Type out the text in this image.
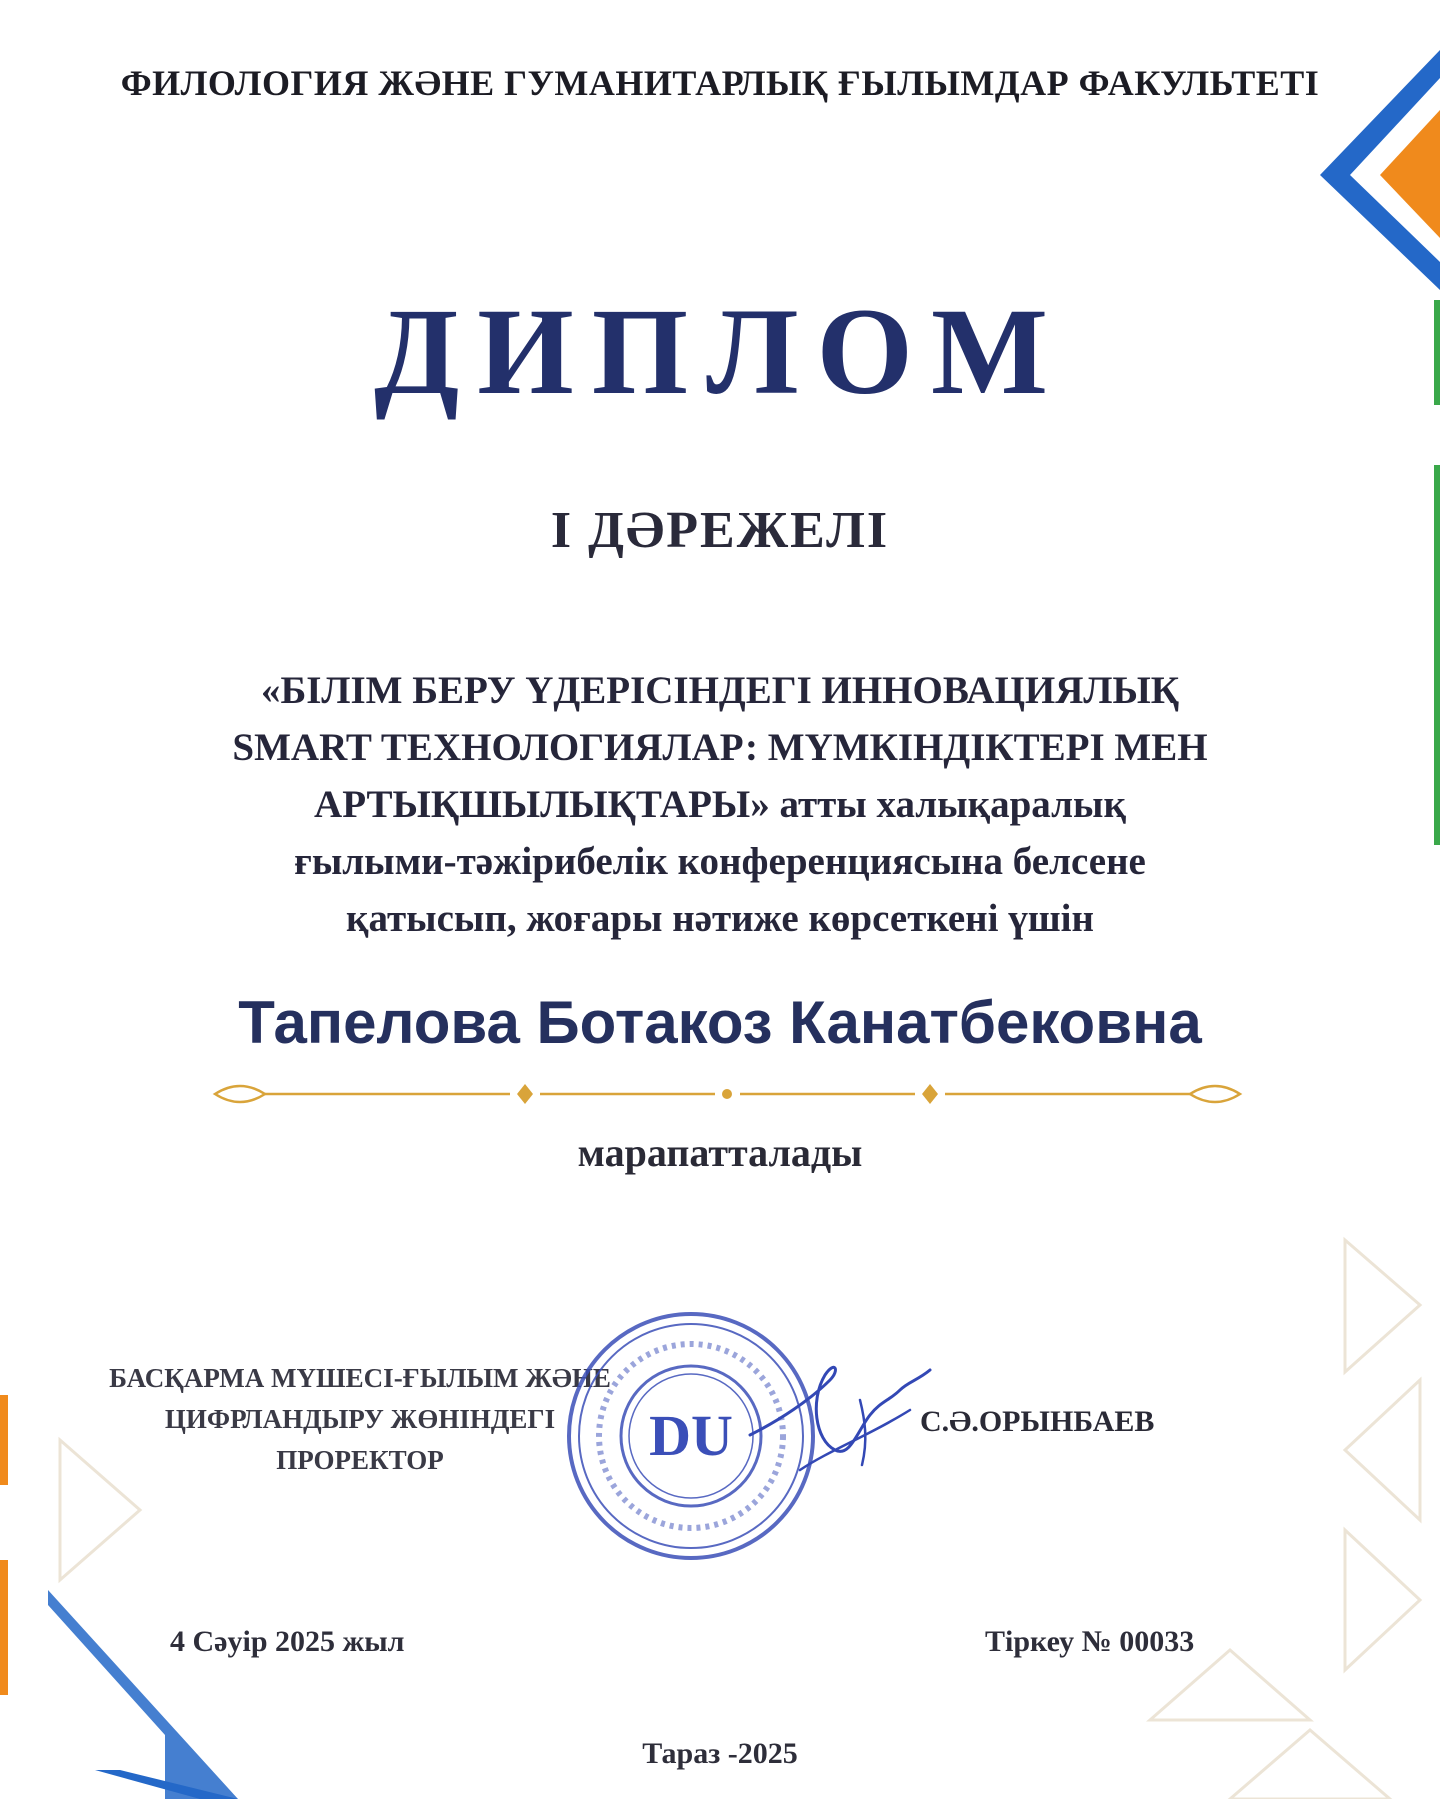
ФИЛОЛОГИЯ ЖӘНЕ ГУМАНИТАРЛЫҚ ҒЫЛЫМДАР ФАКУЛЬТЕТІ
ДИПЛОМ
І ДӘРЕЖЕЛІ
«БІЛІМ БЕРУ ҮДЕРІСІНДЕГІ ИННОВАЦИЯЛЫҚ
SMART ТЕХНОЛОГИЯЛАР: МҮМКІНДІКТЕРІ МЕН
АРТЫҚШЫЛЫҚТАРЫ» атты халықаралық
ғылыми-тәжірибелік конференциясына белсене
қатысып, жоғары нәтиже көрсеткені үшін
Тапелова Ботакоз Канатбековна
марапатталады
БАСҚАРМА МҮШЕСІ-ҒЫЛЫМ ЖӘНЕ
ЦИФРЛАНДЫРУ ЖӨНІНДЕГІ
ПРОРЕКТОР	DU	С.Ә.ОРЫНБАЕВ
4 Сәуір 2025 жыл	Тіркеу № 00033
Тараз -2025
